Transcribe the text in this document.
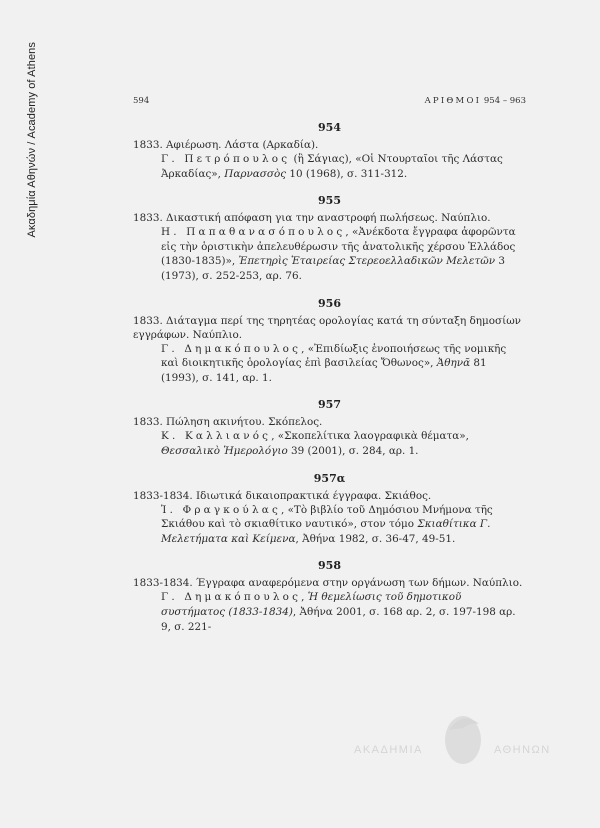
Ακαδημία Αθηνών / Academy of Athens	594	ΑΡΙΘΜΟΙ 954 – 963
954

1833. Αφιέρωση. Λάστα (Αρκαδία).

Γ. Πετρόπουλος (ἢ Σάγιας), «Οἱ Ντουρταῖοι τῆς Λάστας Ἀρκαδίας», Παρνασσὸς 10 (1968), σ. 311-312.

955

1833. Δικαστική απόφαση για την αναστροφή πωλήσεως. Ναύπλιο.

Η. Παπαθανασόπουλος, «Ἀνέκδοτα ἔγγραφα ἀφορῶντα εἰς τὴν ὁριστικὴν ἀπελευθέρωσιν τῆς ἀνατολικῆς χέρσου Ἑλλάδος (1830-1835)», Ἐπετηρὶς Ἑταιρείας Στερεοελλαδικῶν Μελετῶν 3 (1973), σ. 252-253, αρ. 76.

956

1833. Διάταγμα περί της τηρητέας ορολογίας κατά τη σύνταξη δημοσίων εγγράφων. Ναύπλιο.

Γ. Δημακόπουλος, «Ἐπιδίωξις ἑνοποιήσεως τῆς νομικῆς καὶ διοικητικῆς ὁρολογίας ἐπὶ βασιλείας Ὄθωνος», Ἀθηνᾶ 81 (1993), σ. 141, αρ. 1.

957

1833. Πώληση ακινήτου. Σκόπελος.

Κ. Καλλιανός, «Σκοπελίτικα λαογραφικὰ θέματα», Θεσσαλικὸ Ἡμερολόγιο 39 (2001), σ. 284, αρ. 1.

957α

1833-1834. Ιδιωτικά δικαιοπρακτικά έγγραφα. Σκιάθος.

Ἰ. Φραγκούλας, «Τὸ βιβλίο τοῦ Δημόσιου Μνήμονα τῆς Σκιάθου καὶ τὸ σκιαθίτικο ναυτικό», στον τόμο Σκιαθίτικα Γ. Μελετήματα καὶ Κείμενα, Ἀθήνα 1982, σ. 36-47, 49-51.

958

1833-1834. Έγγραφα αναφερόμενα στην οργάνωση των δήμων. Ναύπλιο.

Γ. Δημακόπουλος, Ἡ θεμελίωσις τοῦ δημοτικοῦ συστήματος (1833-1834), Ἀθήνα 2001, σ. 168 αρ. 2, σ. 197-198 αρ. 9, σ. 221-

ΑΚΑΔΗΜΙΑ	ΑΘΗΝΩΝ
